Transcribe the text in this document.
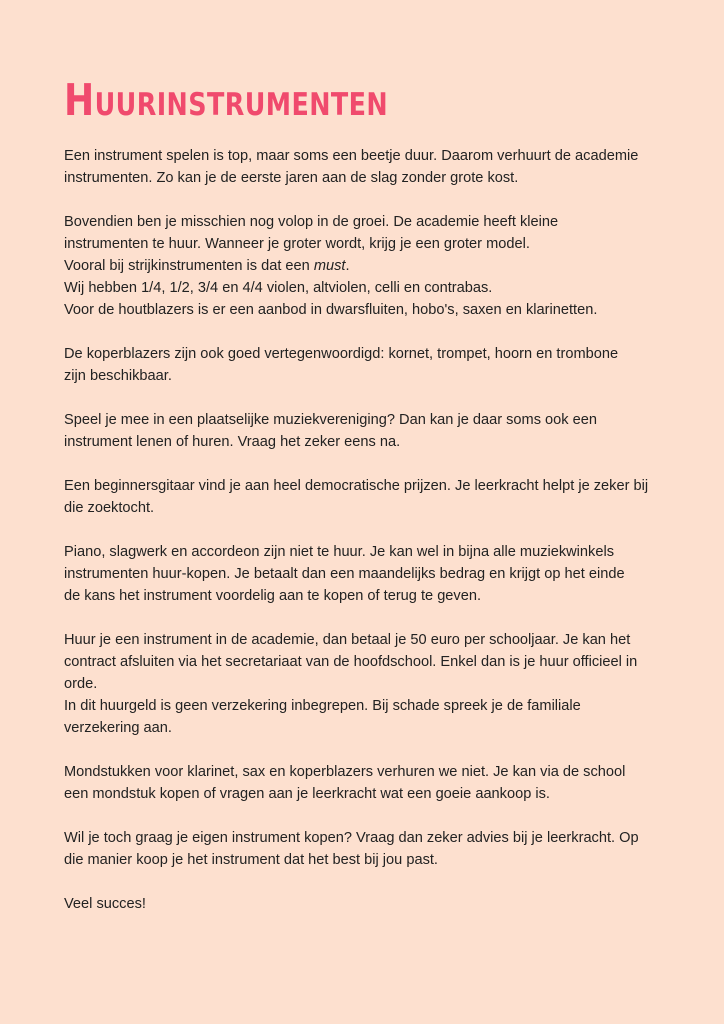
Huurinstrumenten
Een instrument spelen is top, maar soms een beetje duur. Daarom verhuurt de academie
instrumenten. Zo kan je de eerste jaren aan de slag zonder grote kost.
Bovendien ben je misschien nog volop in de groei. De academie heeft kleine
instrumenten te huur. Wanneer je groter wordt, krijg je een groter model.
Vooral bij strijkinstrumenten is dat een must.
Wij hebben 1/4, 1/2, 3/4 en 4/4 violen, altviolen, celli en contrabas.
Voor de houtblazers is er een aanbod in dwarsfluiten, hobo's, saxen en klarinetten.
De koperblazers zijn ook goed vertegenwoordigd: kornet, trompet, hoorn en trombone
zijn beschikbaar.
Speel je mee in een plaatselijke muziekvereniging? Dan kan je daar soms ook een
instrument lenen of huren. Vraag het zeker eens na.
Een beginnersgitaar vind je aan heel democratische prijzen. Je leerkracht helpt je zeker bij
die zoektocht.
Piano, slagwerk en accordeon zijn niet te huur. Je kan wel in bijna alle muziekwinkels
instrumenten huur-kopen. Je betaalt dan een maandelijks bedrag en krijgt op het einde
de kans het instrument voordelig aan te kopen of terug te geven.
Huur je een instrument in de academie, dan betaal je 50 euro per schooljaar. Je kan het
contract afsluiten via het secretariaat van de hoofdschool. Enkel dan is je huur officieel in
orde.
In dit huurgeld is geen verzekering inbegrepen. Bij schade spreek je de familiale
verzekering aan.
Mondstukken voor klarinet, sax en koperblazers verhuren we niet. Je kan via de school
een mondstuk kopen of vragen aan je leerkracht wat een goeie aankoop is.
Wil je toch graag je eigen instrument kopen? Vraag dan zeker advies bij je leerkracht. Op
die manier koop je het instrument dat het best bij jou past.
Veel succes!
